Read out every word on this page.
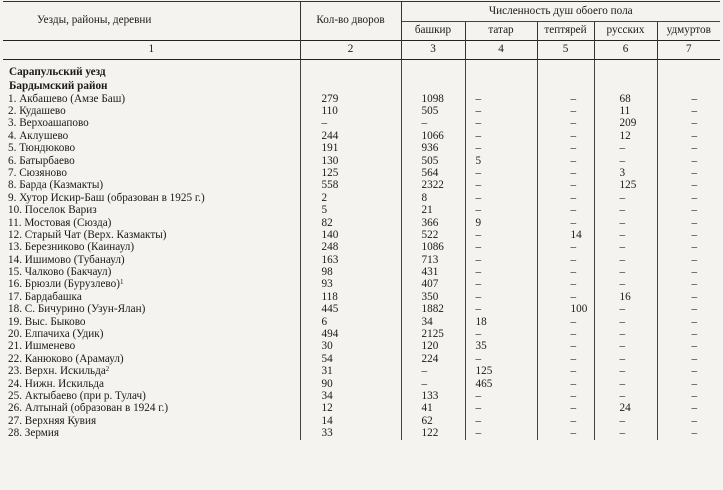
Уезды, районы, деревни	Кол-во дворов	Численность душ обоего пола				
		башкир	татар	тептярей	русских	удмуртов
1	2	3	4	5	6	7

Сарапульский уезд						
Бардымский район						
1. Акбашево (Амзе Баш)	279	1098	–	–	68	–
2. Кудашево	110	505	–	–	11	–
3. Верхоашапово	–	–	–	–	209	–
4. Аклушево	244	1066	–	–	12	–
5. Тюндюково	191	936	–	–	–	–
6. Батырбаево	130	505	5	–	–	–
7. Сюзяново	125	564	–	–	3	–
8. Барда (Казмакты)	558	2322	–	–	125	–
9. Хутор Искир-Баш (образован в 1925 г.)	2	8	–	–	–	–
10. Поселок Вариз	5	21	–	–	–	–
11. Мостовая (Сюзда)	82	366	9	–	–	–
12. Старый Чат (Верх. Казмакты)	140	522	–	14	–	–
13. Березниково (Каинаул)	248	1086	–	–	–	–
14. Ишимово (Тубанаул)	163	713	–	–	–	–
15. Чалково (Бакчаул)	98	431	–	–	–	–
16. Брюзли (Бурузлево)$^1$	93	407	–	–	–	–
17. Бардабашка	118	350	–	–	16	–
18. С. Бичурино (Узун-Ялан)	445	1882	–	100	–	–
19. Выс. Быково	6	34	18	–	–	–
20. Елпачиха (Удик)	494	2125	–	–	–	–
21. Ишменево	30	120	35	–	–	–
22. Канюково (Арамаул)	54	224	–	–	–	–
23. Верхн. Искильда$^2$	31	–	125	–	–	–
24. Нижн. Искильда	90	–	465	–	–	–
25. Актыбаево (при р. Тулач)	34	133	–	–	–	–
26. Алтынай (образован в 1924 г.)	12	41	–	–	24	–
27. Верхняя Кувия	14	62	–	–	–	–
28. Зермия	33	122	–	–	–	–
